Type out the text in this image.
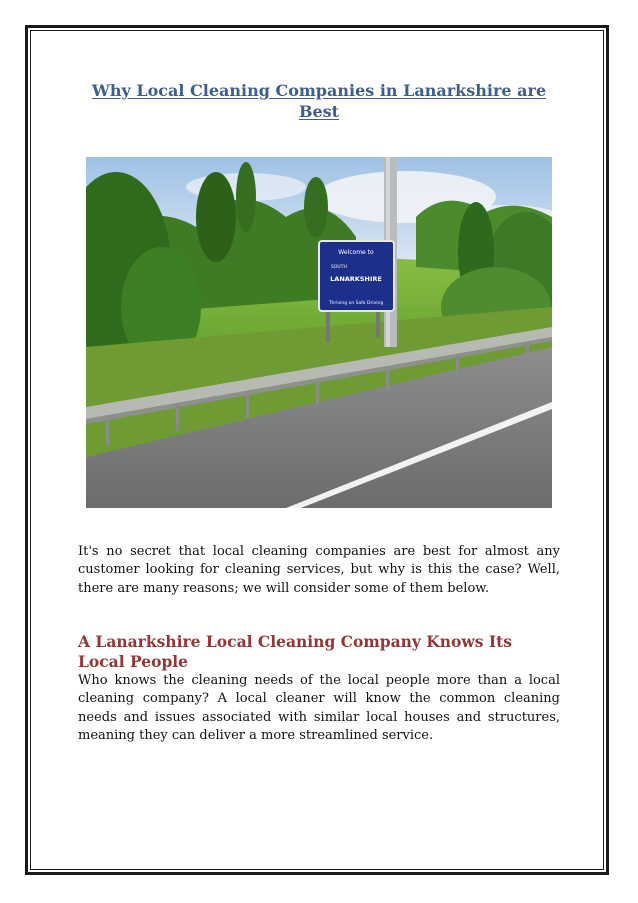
Why Local Cleaning Companies in Lanarkshire are Best
Welcome to
SOUTH
LANARKSHIRE
Thriving on Safe Driving
It's no secret that local cleaning companies are best for almost any customer looking for cleaning services, but why is this the case? Well, there are many reasons; we will consider some of them below.
A Lanarkshire Local Cleaning Company Knows Its Local People
Who knows the cleaning needs of the local people more than a local cleaning company? A local cleaner will know the common cleaning needs and issues associated with similar local houses and structures, meaning they can deliver a more streamlined service.
